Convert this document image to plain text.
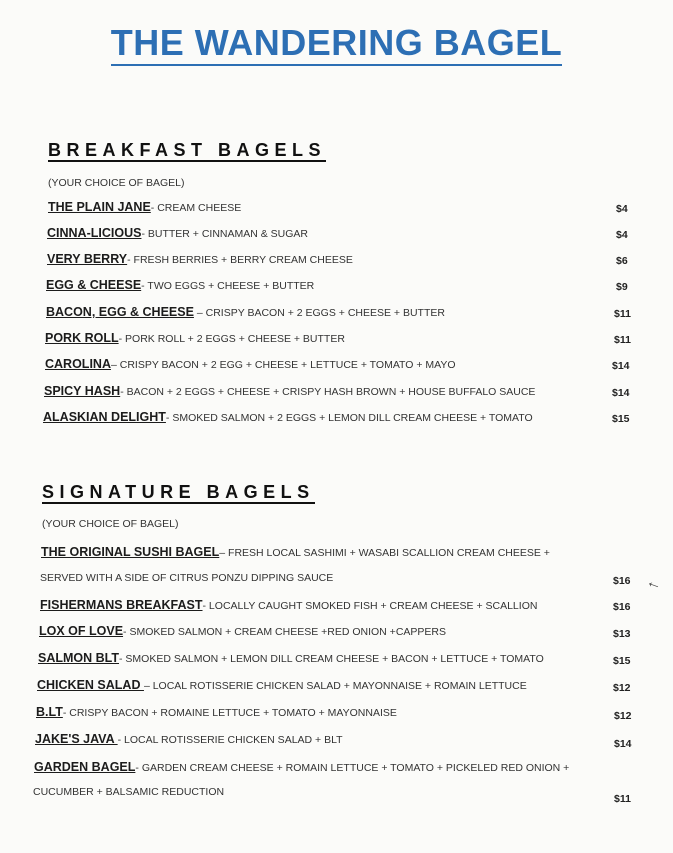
THE WANDERING BAGEL
BREAKFAST BAGELS
(YOUR CHOICE OF BAGEL)
THE PLAIN JANE- CREAM CHEESE	$4
CINNA-LICIOUS- BUTTER + CINNAMAN & SUGAR	$4
VERY BERRY- FRESH BERRIES + BERRY CREAM CHEESE	$6
EGG & CHEESE- TWO EGGS + CHEESE + BUTTER	$9
BACON, EGG & CHEESE – CRISPY BACON + 2 EGGS + CHEESE + BUTTER	$11
PORK ROLL- PORK ROLL + 2 EGGS + CHEESE + BUTTER	$11
CAROLINA– CRISPY BACON + 2 EGG + CHEESE + LETTUCE + TOMATO + MAYO	$14
SPICY HASH- BACON + 2 EGGS + CHEESE + CRISPY HASH BROWN + HOUSE BUFFALO SAUCE	$14
ALASKIAN DELIGHT- SMOKED SALMON + 2 EGGS + LEMON DILL CREAM CHEESE + TOMATO	$15
SIGNATURE BAGELS
(YOUR CHOICE OF BAGEL)
THE ORIGINAL SUSHI BAGEL– FRESH LOCAL SASHIMI + WASABI SCALLION CREAM CHEESE +
SERVED WITH A SIDE OF CITRUS PONZU DIPPING SAUCE	$16
FISHERMANS BREAKFAST- LOCALLY CAUGHT SMOKED FISH + CREAM CHEESE + SCALLION	$16
LOX OF LOVE- SMOKED SALMON + CREAM CHEESE +RED ONION +CAPPERS	$13
SALMON BLT- SMOKED SALMON + LEMON DILL CREAM CHEESE + BACON + LETTUCE + TOMATO	$15
CHICKEN SALAD – LOCAL ROTISSERIE CHICKEN SALAD + MAYONNAISE + ROMAIN LETTUCE	$12
B.LT- CRISPY BACON + ROMAINE LETTUCE + TOMATO + MAYONNAISE	$12
JAKE'S JAVA - LOCAL ROTISSERIE CHICKEN SALAD + BLT	$14
GARDEN BAGEL- GARDEN CREAM CHEESE + ROMAIN LETTUCE + TOMATO + PICKELED RED ONION +
CUCUMBER + BALSAMIC REDUCTION
$11
←
